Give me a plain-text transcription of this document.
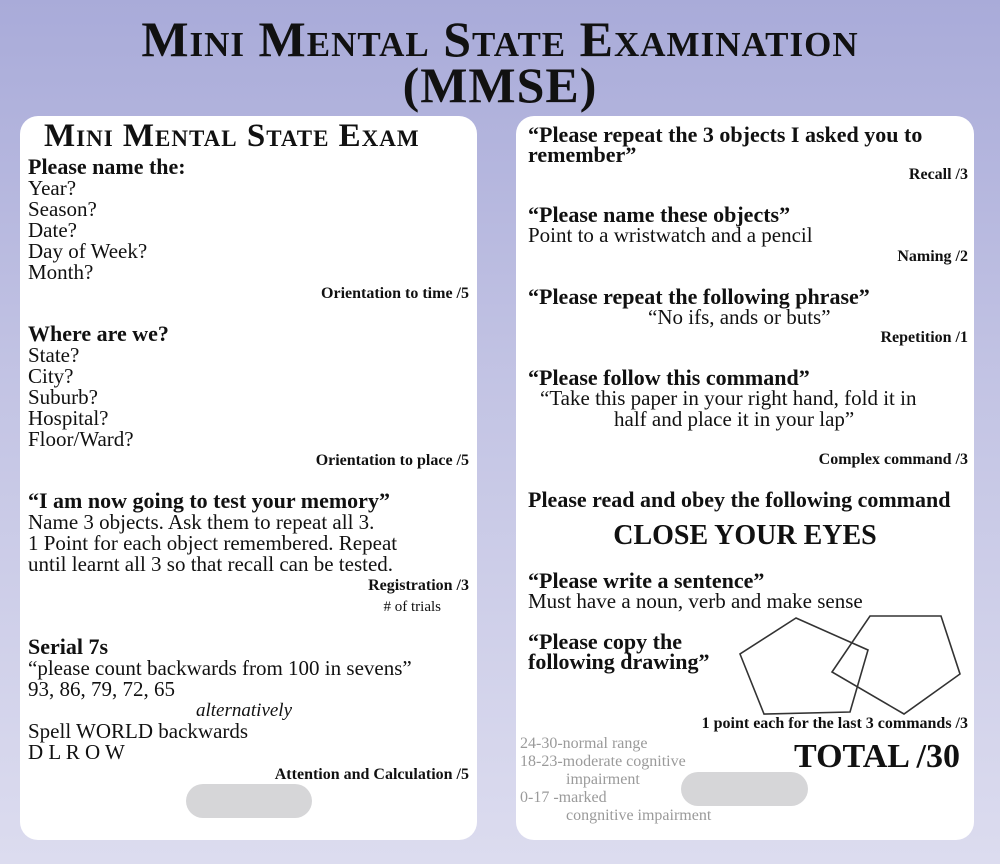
Mini Mental State Examination
(MMSE)
Mini Mental State Exam
Please name the:
Year?
Season?
Date?
Day of Week?
Month?
Orientation to time /5
Where are we?
State?
City?
Suburb?
Hospital?
Floor/Ward?
Orientation to place /5
“I am now going to test your memory”
Name 3 objects. Ask them to repeat all 3.
1 Point for each object remembered. Repeat
until learnt all 3 so that recall can be tested.
Registration /3
# of trials
Serial 7s
“please count backwards from 100 in sevens”
93, 86, 79, 72, 65
alternatively
Spell WORLD backwards
D L R O W
Attention and Calculation /5
“Please repeat the 3 objects I asked you to
remember”
Recall /3
“Please name these objects”
Point to a wristwatch and a pencil
Naming /2
“Please repeat the following phrase”
“No ifs, ands or buts”
Repetition /1
“Please follow this command”
“Take this paper in your right hand, fold it in
half and place it in your lap”
Complex command /3
Please read and obey the following command
CLOSE YOUR EYES
“Please write a sentence”
Must have a noun, verb and make sense
“Please copy the
following drawing”
1 point each for the last 3 commands /3
24-30-normal range
18-23-moderate cognitive
impairment
0-17 -marked
congnitive impairment
TOTAL /30
